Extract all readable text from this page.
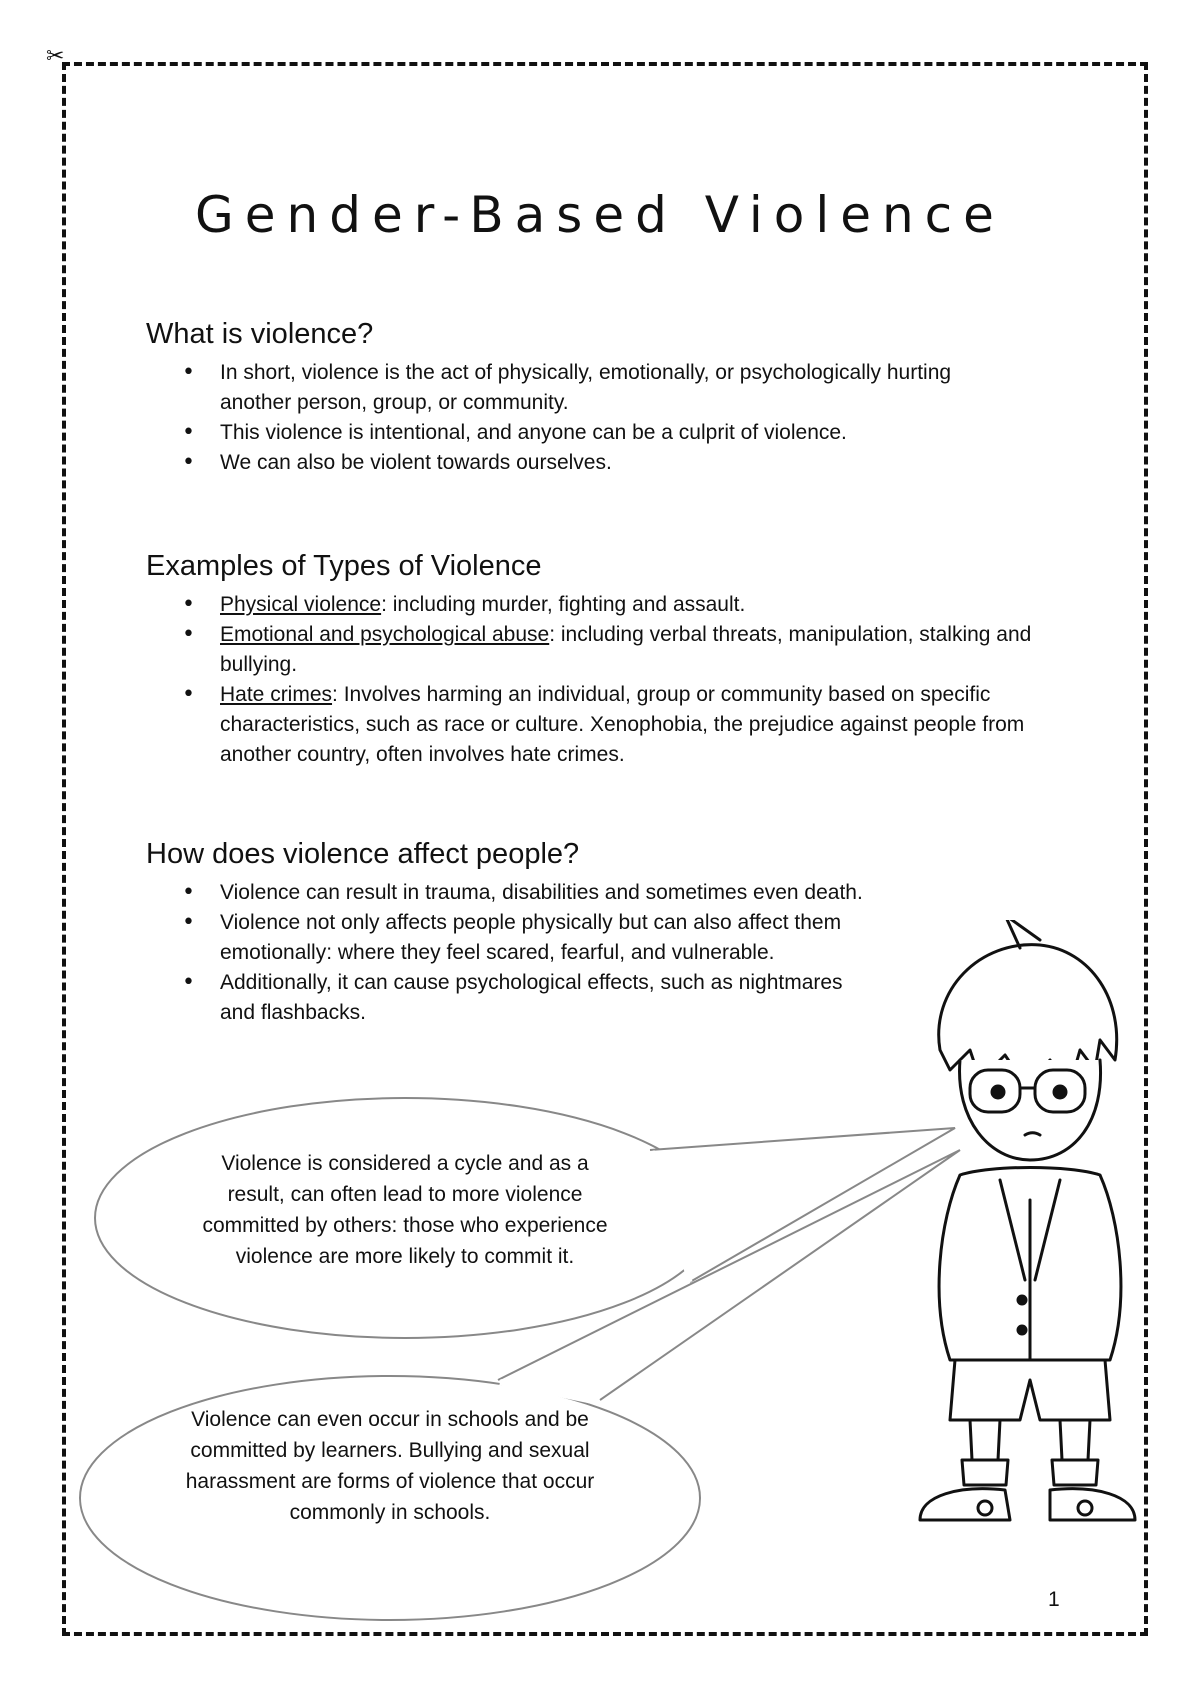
✂
Gender-Based Violence
What is violence?
• In short, violence is the act of physically, emotionally, or psychologically hurting another person, group, or community.
• This violence is intentional, and anyone can be a culprit of violence.
• We can also be violent towards ourselves.
Examples of Types of Violence
• Physical violence: including murder, fighting and assault.
• Emotional and psychological abuse: including verbal threats, manipulation, stalking and bullying.
• Hate crimes: Involves harming an individual, group or community based on specific characteristics, such as race or culture. Xenophobia, the prejudice against people from another country, often involves hate crimes.
How does violence affect people?
• Violence can result in trauma, disabilities and sometimes even death.
• Violence not only affects people physically but can also affect them emotionally: where they feel scared, fearful, and vulnerable.
• Additionally, it can cause psychological effects, such as nightmares and flashbacks.
Violence is considered a cycle and as a result, can often lead to more violence committed by others: those who experience violence are more likely to commit it.
Violence can even occur in schools and be committed by learners. Bullying and sexual harassment are forms of violence that occur commonly in schools.
1
